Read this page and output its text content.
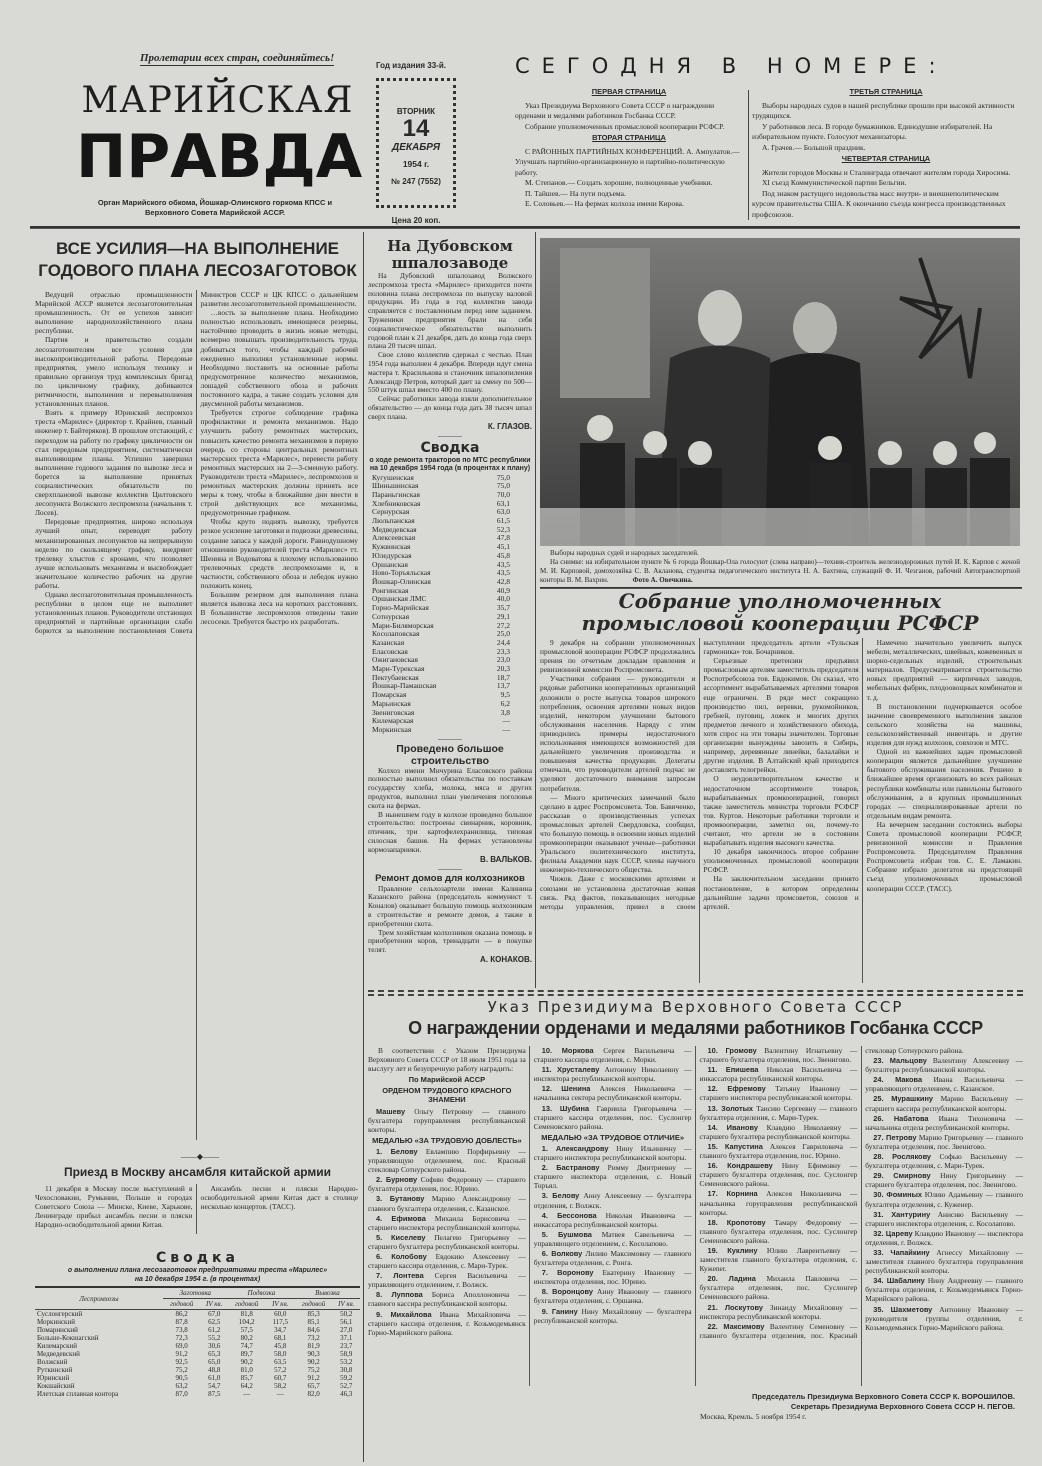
Пролетарии всех стран, соединяйтесь!
Год издания 33-й.
МАРИЙСКАЯ
ПРАВДА
Орган Марийского обкома, Йошкар-Олинского горкома КПСС и Верховного Совета Марийской АССР.
ВТОРНИК
14
ДЕКАБРЯ
1954 г.
№ 247 (7552)
Цена 20 коп.
СЕГОДНЯ В НОМЕРЕ:
ПЕРВАЯ СТРАНИЦА

Указ Президиума Верховного Совета СССР о награждении орденами и медалями работников Госбанка СССР.

Собрание уполномоченных промысловой кооперации РСФСР.

ВТОРАЯ СТРАНИЦА

С РАЙОННЫХ ПАРТИЙНЫХ КОНФЕРЕНЦИЙ. А. Ампулатов.— Улучшать партийно-организационную и партийно-политическую работу.

М. Степанов.— Создать хорошие, полноценные учебники.

П. Тайшев.— На пути подъема.

Е. Соловьев.— На фермах колхоза имени Кирова.

ТРЕТЬЯ СТРАНИЦА

Выборы народных судов в нашей республике прошли при высокой активности трудящихся.

У работников леса. В городе бумажников. Единодушие избирателей. На избирательном пункте. Голосуют механизаторы.

А. Грачев.— Большой праздник.

ЧЕТВЕРТАЯ СТРАНИЦА

Жители городов Москвы и Сталинграда отвечают жителям города Хиросима.

XI съезд Коммунистической партии Бельгии.

Под знаком растущего недовольства масс внутри- и внешнеполитическим курсом правительства США. К окончанию съезда конгресса производственных профсоюзов.

ВСЕ УСИЛИЯ—НА ВЫПОЛНЕНИЕ ГОДОВОГО ПЛАНА ЛЕСОЗАГОТОВОК

Ведущей отраслью промышленности Марийской АССР является лесозаготовительная промышленность. От ее успехов зависит выполнение народнохозяйственного плана республики.

Партия и правительство создали лесозаготовителям все условия для высокопроизводительной работы. Передовые предприятия, умело используя технику и правильно организуя труд комплексных бригад по цикличному графику, добиваются ритмичности, выполнения и перевыполнения установленных планов.

Взять к примеру Юринский леспромхоз треста «Марилес» (директор т. Крайнев, главный инженер т. Байтеряков). В прошлом отстающий, с переходом на работу по графику цикличности он стал передовым предприятием, систематически выполняющим планы. Успешно завершил выполнение годового задания по вывозке леса и борется за выполнение принятых социалистических обязательств по сверхплановой вывозке коллектив Цилтовского лесопункта Волжского леспромхоза (начальник т. Лосев).

Передовые предприятия, широко используя лучший опыт, переводят работу механизированных лесопунктов на непрерывную неделю по скользящему графику, внедряют трелевку хлыстов с кронами, что позволяет лучше использовать механизмы и высвобождает значительное количество рабочих на другие работы.

Однако лесозаготовительная промышленность республики в целом еще не выполняет установленных планов. Руководители отстающих предприятий и партийные организации слабо борются за выполнение постановления Совета Министров СССР и ЦК КПСС о дальнейшем развитии лесозаготовительной промышленности.

…вость за выполнение плана. Необходимо полностью использовать имеющиеся резервы, настойчиво проводить в жизнь новые методы, всемерно повышать производительность труда, добиваться того, чтобы каждый рабочий ежедневно выполнял установленные нормы. Необходимо поставить на основные работы предусмотренное количество механизмов, лошадей собственного обоза и рабочих постоянного кадра, а также создать условия для двусменной работы механизмов.

Требуется строгое соблюдение графика профилактики и ремонта механизмов. Надо улучшить работу ремонтных мастерских, повысить качество ремонта механизмов в первую очередь со стороны центральных ремонтных мастерских треста «Марилес», перевести работу ремонтных мастерских на 2—3-сменную работу. Руководители треста «Марилес», леспромхозов и ремонтных мастерских должны принять все меры к тому, чтобы в ближайшие дни ввести в строй действующих все механизмы, предусмотренные графиком.

Чтобы круто поднять вывозку, требуется резкое усиление заготовки и подвозки древесины, создание запаса у каждой дороги. Равнодушному отношению руководителей треста «Марилес» тт. Шенина и Водоватова к плохому использованию трелевочных средств леспромхозами и, в частности, собственного обоза и лебедок нужно положить конец.

Большим резервом для выполнения плана является вывозка леса на коротких расстояниях. В большинстве леспромхозов отведены такие лесосеки. Требуется быстро их разработать.

На Дубовском шпалозаводе

На Дубовский шпалозавод Волжского леспромхоза треста «Марилес» приходится почти половина плана леспромхоза по выпуску валовой продукции. Из года в год коллектив завода справляется с поставленным перед ним заданием. Труженики предприятия брали на себя социалистическое обязательство выполнить годовой план к 21 декабря, дать до конца года сверх плана 20 тысяч шпал.

Свое слово коллектив сдержал с честью. План 1954 года выполнен 4 декабря. Впереди идут смена мастера т. Красилькова и станочник шпалопиления Александр Петров, который дает за смену по 500—550 штук шпал вместо 400 по плану.

Сейчас работники завода взяли дополнительное обязательство — до конца года дать 38 тысяч шпал сверх плана.

К. ГЛАЗОВ.
———
Сводка
о ходе ремонта тракторов по МТС республики на 10 декабря 1954 года (в процентах к плану)
Кугушенская	75,0
Шиньшинская	75,0
Параньгинская	70,0
Хлебниковская	63,1
Сернурская	63,0
Люльпанская	61,5
Медведевская	52,3
Алексеевская	47,8
Кужвинская	45,1
Юледурская	45,8
Оршанская	43,5
Ново-Торъяльская	43,5
Йошкар-Олинская	42,8
Ронгинская	40,9
Оршанская ЛМС	40,0
Горно-Марийская	35,7
Сотнурская	29,1
Мари-Биляморская	27,2
Косолаповская	25,0
Казанская	24,4
Еласовская	23,3
Ожигановская	23,0
Мари-Турекская	20,3
Пектубаевская	18,7
Йошкар-Памашская	13,7
Помарская	9,5
Марьинская	6,2
Звениговская	3,8
Килемарская	—
Моркинская	—
———
Проведено большое строительство

Колхоз имени Мичурина Еласовского района полностью выполнил обязательства по поставкам государству хлеба, молока, мяса и других продуктов, выполнил план увеличения поголовья скота на фермах.

В нынешнем году в колхозе проведено большое строительство: построены свинарник, коровник, птичник, три картофелехранилища, типовая силосная башня. На фермах установлены кормозапарники.

В. ВАЛЬКОВ.
———
Ремонт домов для колхозников

Правление сельхозартели имени Калинина Казанского района (председатель коммунист т. Коналов) оказывает большую помощь колхозникам в строительстве и ремонте домов, а также в приобретении скота.

Трем хозяйствам колхозников оказана помощь в приобретении коров, тринадцати — в покупке телят.

А. КОНАКОВ.
Выборы народных судей и народных заседателей.
На снимке: на избирательном пункте № 6 города Йошкар-Ола голосуют (слева направо)—техник-строитель железнодорожных путей И. К. Карпов с женой М. И. Карповой, домохозяйка С. В. Акланова, студентка педагогического института Н. А. Бахтина, служащий Ф. И. Чезганов, рабочий Автогранспортной конторы В. М. Вахрин.	Фото А. Овечкина.
Собрание уполномоченных промысловой кооперации РСФСР

9 декабря на собрании уполномоченных промысловой кооперации РСФСР продолжались прения по отчетным докладам правления и ревизионной комиссии Роспромсовета.

Участники собрания — руководители и рядовые работники кооперативных организаций доложили о росте выпуска товаров широкого потребления, освоения артелями новых видов изделий, некотором улучшении бытового обслуживания населения. Наряду с этим приводились примеры недостаточного использования имеющихся возможностей для дальнейшего увеличения производства и повышения качества продукции. Делегаты отмечали, что руководители артелей подчас не уделяют достаточного внимания запросам потребителя.

— Много критических замечаний было сделано в адрес Роспромсовета. Тов. Бавиченко, рассказав о производственных успехах промысловых артелей Свердловска, сообщил, что большую помощь в освоении новых изделий промкооперации оказывают ученые—работники Уральского политехнического института, филиала Академии наук СССР, члены научного инженерно-технического общества.

Чижов. Даже с московскими артелями и союзами не установлена достаточная живая связь. Ряд фактов, показывающих негодные методы управления, привел в своем выступлении председатель артели «Тульская гармоника» тов. Бочарников.

Серьезные претензии предъявил промысловым артелям заместитель председателя Роспотребсоюза тов. Евдокимов. Он сказал, что ассортимент вырабатываемых артелями товаров еще ограничен. В ряде мест сокращено производство пил, веревки, рукомойников, гребней, пуговиц, ложек и многих других предметов личного и хозяйственного обихода, хотя спрос на эти товары значителен. Торговые организации вынуждены завозить в Сибирь, например, деревянные линейки, балалайки и другие изделия. В Алтайский край приходится доставлять телогрейки.

О неудовлетворительном качестве и недостаточном ассортименте товаров, вырабатываемых промкооперацией, говорил также заместитель министра торговли РСФСР тов. Куртов. Некоторые работники торговли и промкооперации, заметил он, почему-то считают, что артели не в состоянии вырабатывать изделия высокого качества.

10 декабря закончилось второе собрание уполномоченных промысловой кооперации РСФСР.

На заключительном заседании принято постановление, в котором определены дальнейшие задачи промсоветов, союзов и артелей.

Намечено значительно увеличить выпуск мебели, металлических, швейных, кожевенных и шорно-седельных изделий, строительных материалов. Предусматривается строительство новых предприятий — кирпичных заводов, мебельных фабрик, плодоовощных комбинатов и т. д.

В постановлении подчеркивается особое значение своевременного выполнения заказов сельского хозяйства на машины, сельскохозяйственный инвентарь и другие изделия для нужд колхозов, совхозов и МТС.

Одной из важнейших задач промысловой кооперации является дальнейшее улучшение бытового обслуживания населения. Решено в ближайшее время организовать во всех районах республики комбинаты или павильоны бытового обслуживания, а в крупных промышленных городах — специализированные артели по отдельным видам ремонта.

На вечернем заседании состоялись выборы Совета промысловой кооперации РСФСР, ревизионной комиссии и Правления Роспромсовета. Председателем Правления Роспромсовета избран тов. С. Е. Ламакин. Собрание избрало делегатов на предстоящий съезд уполномоченных промысловой кооперации СССР. (ТАСС).

Указ Президиума Верховного Совета СССР
О награждении орденами и медалями работников Госбанка СССР

В соответствии с Указом Президиума Верховного Совета СССР от 18 июля 1951 года за выслугу лет и безупречную работу наградить:

По Марийской АССР

ОРДЕНОМ ТРУДОВОГО КРАСНОГО ЗНАМЕНИ

Машеву Ольгу Петровну — главного бухгалтера горуправления республиканской конторы.

МЕДАЛЬЮ «ЗА ТРУДОВУЮ ДОБЛЕСТЬ»

1. Белову Евлампию Порфирьевну — управляющую отделением, пос. Красный стекловар Сотнурского района.

2. Бурнову Софию Федоровну — старшего бухгалтера отделения, пос. Юрино.

3. Бутанову Марию Александровну — главного бухгалтера отделения, с. Казанское.

4. Ефимова Михаила Борисовича — старшего инспектора республиканской конторы.

5. Киселеву Пелагею Григорьевну — старшего бухгалтера республиканской конторы.

6. Колобову Евдокию Алексеевну — старшего кассира отделения, с. Мари-Турек.

7. Лонтева Сергея Васильевича — управляющего отделением, г. Волжск.

8. Луппова Бориса Аполлоновича — главного кассира республиканской конторы.

9. Михайлова Ивана Михайловича — старшего кассира отделения, г. Козьмодемьянск Горно-Марийского района.

10. Моркова Сергея Васильевича — старшего кассира отделения, с. Морки.

11. Хрусталеву Антонину Николаевну — инспектора республиканской конторы.

12. Шенина Алексея Николаевича — начальника сектора республиканской конторы.

13. Шубина Гавриила Григорьевича — старшего кассира отделения, пос. Суслонгер Семеновского района.

МЕДАЛЬЮ «ЗА ТРУДОВОЕ ОТЛИЧИЕ»

1. Александрову Нину Ильиничну — старшего инспектора республиканской конторы.

2. Бастранову Римму Дмитриевну — старшего инспектора отделения, с. Новый Торъял.

3. Белову Анну Алексеевну — бухгалтера отделения, г. Волжск.

4. Бессонова Николая Ивановича — инкассатора республиканской конторы.

5. Бушмова Матвея Савельевича — управляющего отделением, с. Косолапово.

6. Волкову Лилию Максимовну — главного бухгалтера отделения, с. Ронга.

7. Воронову Екатерину Ивановну — инспектора отделения, пос. Юрино.

8. Воронцову Анну Ивановну — главного бухгалтера отделения, с. Оршанка.

9. Ганину Нину Михайловну — бухгалтера республиканской конторы.

10. Громову Валентину Игнатьевну — старшего бухгалтера отделения, пос. Звенигово.

11. Епишева Николая Васильевича — инкассатора республиканской конторы.

12. Ефремову Татьяну Ивановну — старшего инспектора республиканской конторы.

13. Золотых Таисию Сергеевну — главного бухгалтера отделения, с. Мари-Турек.

14. Иванову Клавдию Николаевну — старшего бухгалтера республиканской конторы.

15. Капустина Алексея Гавриловича — главного бухгалтера отделения, пос. Юрино.

16. Кондрашеву Нину Ефимовну — старшего бухгалтера отделения, пос. Суслонгер Семеновского района.

17. Корнина Алексея Николаевича — начальника горуправления республиканской конторы.

18. Кропотову Тамару Федоровну — главного бухгалтера отделения, пос. Суслонгер Семеновского района.

19. Куклину Юлию Лаврентьевну — заместителя главного бухгалтера отделения, с. Кужener.

20. Ладина Михаила Павловича — бухгалтера отделения, пос. Суслонгер Семеновского района.

21. Лоскутову Зинаиду Михайловну — инспектора республиканской конторы.

22. Максимову Валентину Семеновну — главного бухгалтера отделения, пос. Красный стекловар Сотнурского района.

23. Мальцову Валентину Алексеевну — бухгалтера республиканской конторы.

24. Макова Ивана Васильевича — управляющего отделением, с. Казанское.

25. Мурашкину Марию Васильевну — старшего кассира республиканской конторы.

26. Набатова Ивана Тихоновича — начальника отдела республиканской конторы.

27. Петрову Марию Григорьевну — главного бухгалтера отделения, пос. Звенигово.

28. Рослякову Софью Васильевну — бухгалтера отделения, с. Мари-Турек.

29. Смирнову Нину Григорьевну — старшего бухгалтера отделения, пос. Звенигово.

30. Фоминых Юлию Адамьевну — главного бухгалтера отделения, с. Куженер.

31. Хантурину Анисию Васильевну — старшего инспектора отделения, с. Косолапово.

32. Цареву Клавдию Ивановну — инспектора отделения, г. Волжск.

33. Чапайкину Агнессу Михайловну — заместителя главного бухгалтера горуправления республиканской конторы.

34. Шабалину Нину Андреевну — главного бухгалтера отделения, г. Козьмодемьянск Горно-Марийского района.

35. Шахметову Антонину Ивановну — руководителя группы отделения, г. Козьмодемьянск Горно-Марийского района.

Председатель Президиума Верховного Совета СССР К. ВОРОШИЛОВ.
Секретарь Президиума Верховного Совета СССР Н. ПЕГОВ.
Москва, Кремль. 5 ноября 1954 г.
——◆——
Приезд в Москву ансамбля китайской армии

11 декабря в Москву после выступлений в Чехословакии, Румынии, Польше и городах Советского Союза — Минске, Киеве, Харькове, Ленинграде прибыл ансамбль песни и пляски Народно-освободительной армии Китая.

Ансамбль песни и пляски Народно-освободительной армии Китая даст в столице несколько концертов. (ТАСС).

Сводка
о выполнении плана лесозаготовок предприятиями треста «Марилес» на 10 декабря 1954 г. (в процентах)
Леспромхозы	Заготовка		Подвозка		Вывозка	
	годовой	IV кв.	годовой	IV кв.	годовой	IV кв.
Суслонгерский	86,2	67,0	81,8	60,0	85,3	50,2
Моркинский	87,8	62,5	104,2	117,5	85,1	56,1
Помаринский	73,8	61,2	57,5	34,7	84,6	27,0
Больше-Кокшагский	72,3	55,2	80,2	68,1	73,2	37,1
Килемарский	69,0	30,6	74,7	45,8	81,9	23,7
Медведевский	91,2	65,3	89,7	58,0	90,3	58,9
Волжский	92,5	65,0	90,2	63,5	90,2	53,2
Руткинский	75,2	48,8	81,0	57,2	75,2	30,8
Юринский	90,5	61,0	85,7	60,7	91,2	59,2
Кокшайский	63,2	54,7	64,2	58,2	65,7	52,7
Илетская сплавная контора	87,0	87,5	—	—	82,0	46,3
